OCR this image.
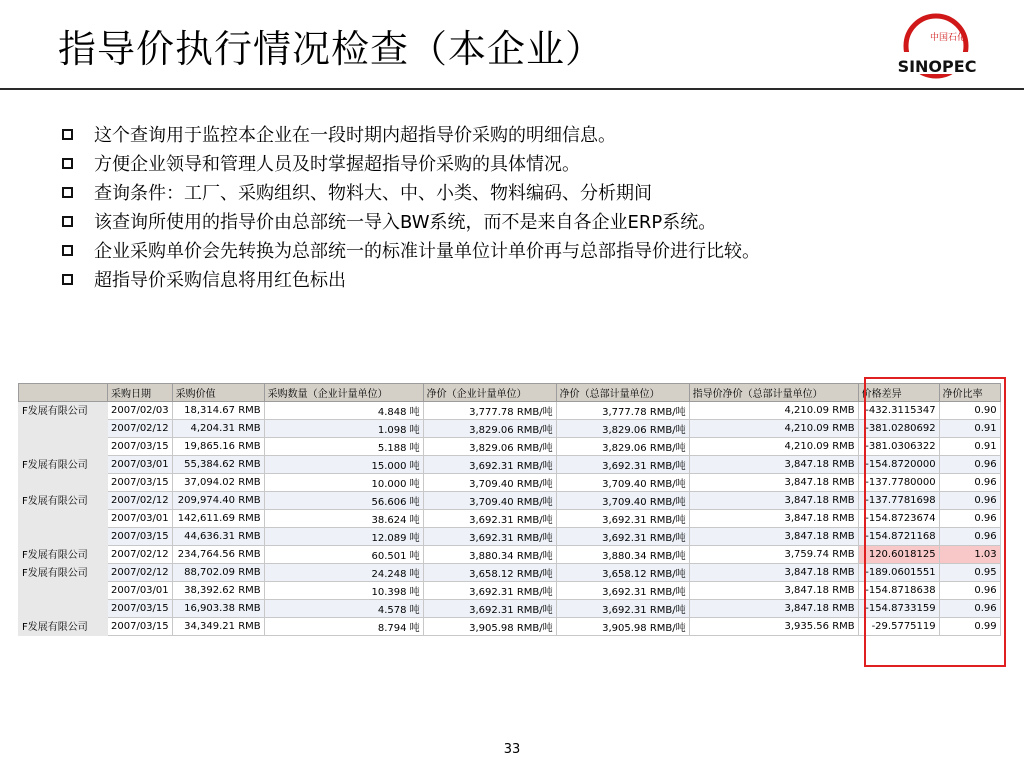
指导价执行情况检查（本企业）	中国石化
SINOPEC
这个查询用于监控本企业在一段时期内超指导价采购的明细信息。
方便企业领导和管理人员及时掌握超指导价采购的具体情况。
查询条件：工厂、采购组织、物料大、中、小类、物料编码、分析期间
该查询所使用的指导价由总部统一导入BW系统，而不是来自各企业ERP系统。
企业采购单价会先转换为总部统一的标准计量单位计单价再与总部指导价进行比较。
超指导价采购信息将用红色标出
	采购日期	采购价值	采购数量（企业计量单位）	净价（企业计量单位）	净价（总部计量单位）	指导价净价（总部计量单位）	价格差异	净价比率
F发展有限公司	2007/02/03	18,314.67 RMB	4.848 吨	3,777.78 RMB/吨	3,777.78 RMB/吨	4,210.09 RMB	-432.3115347	0.90
	2007/02/12	4,204.31 RMB	1.098 吨	3,829.06 RMB/吨	3,829.06 RMB/吨	4,210.09 RMB	-381.0280692	0.91
	2007/03/15	19,865.16 RMB	5.188 吨	3,829.06 RMB/吨	3,829.06 RMB/吨	4,210.09 RMB	-381.0306322	0.91
F发展有限公司	2007/03/01	55,384.62 RMB	15.000 吨	3,692.31 RMB/吨	3,692.31 RMB/吨	3,847.18 RMB	-154.8720000	0.96
	2007/03/15	37,094.02 RMB	10.000 吨	3,709.40 RMB/吨	3,709.40 RMB/吨	3,847.18 RMB	-137.7780000	0.96
F发展有限公司	2007/02/12	209,974.40 RMB	56.606 吨	3,709.40 RMB/吨	3,709.40 RMB/吨	3,847.18 RMB	-137.7781698	0.96
	2007/03/01	142,611.69 RMB	38.624 吨	3,692.31 RMB/吨	3,692.31 RMB/吨	3,847.18 RMB	-154.8723674	0.96
	2007/03/15	44,636.31 RMB	12.089 吨	3,692.31 RMB/吨	3,692.31 RMB/吨	3,847.18 RMB	-154.8721168	0.96
F发展有限公司	2007/02/12	234,764.56 RMB	60.501 吨	3,880.34 RMB/吨	3,880.34 RMB/吨	3,759.74 RMB	120.6018125	1.03
F发展有限公司	2007/02/12	88,702.09 RMB	24.248 吨	3,658.12 RMB/吨	3,658.12 RMB/吨	3,847.18 RMB	-189.0601551	0.95
	2007/03/01	38,392.62 RMB	10.398 吨	3,692.31 RMB/吨	3,692.31 RMB/吨	3,847.18 RMB	-154.8718638	0.96
	2007/03/15	16,903.38 RMB	4.578 吨	3,692.31 RMB/吨	3,692.31 RMB/吨	3,847.18 RMB	-154.8733159	0.96
F发展有限公司	2007/03/15	34,349.21 RMB	8.794 吨	3,905.98 RMB/吨	3,905.98 RMB/吨	3,935.56 RMB	-29.5775119	0.99
33
